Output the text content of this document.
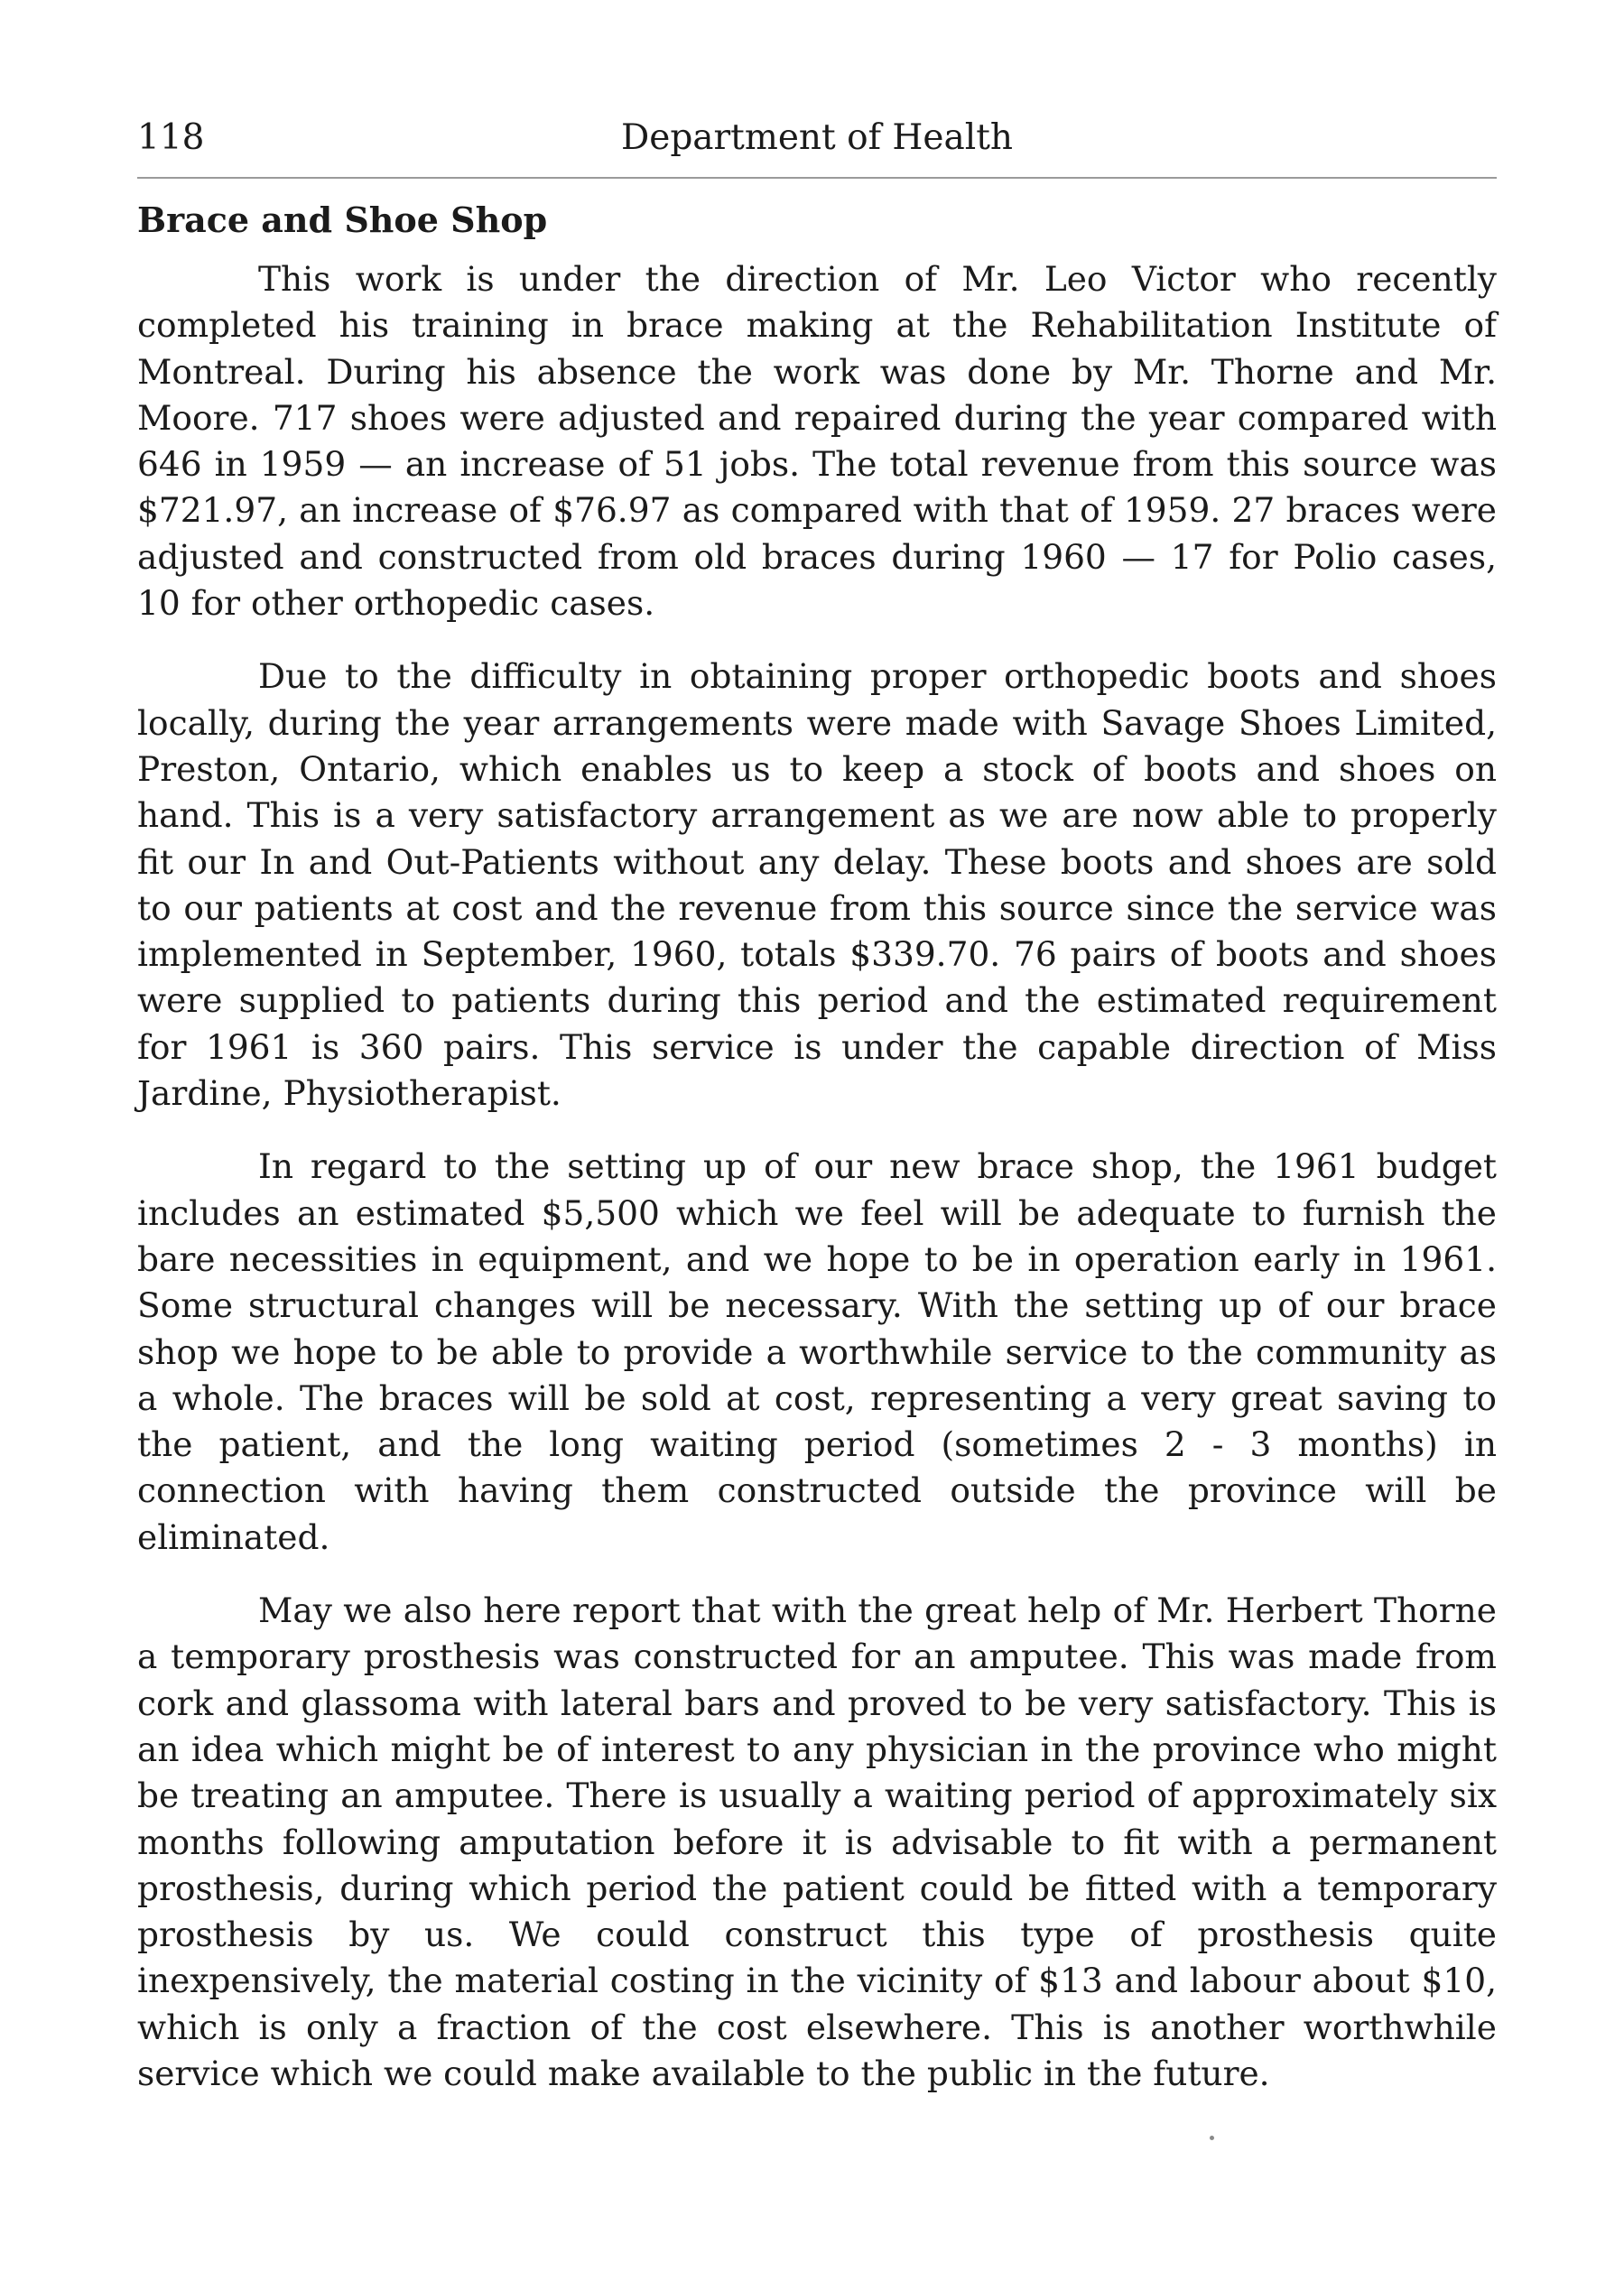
118	Department of Health
Brace and Shoe Shop

This work is under the direction of Mr. Leo Victor who recently completed his training in brace making at the Rehabilitation Institute of Montreal. During his absence the work was done by Mr. Thorne and Mr. Moore. 717 shoes were adjusted and repaired during the year compared with 646 in 1959 — an increase of 51 jobs. The total revenue from this source was $721.97, an increase of $76.97 as compared with that of 1959. 27 braces were adjusted and constructed from old braces during 1960 — 17 for Polio cases, 10 for other orthopedic cases.

Due to the difficulty in obtaining proper orthopedic boots and shoes locally, during the year arrangements were made with Savage Shoes Limited, Preston, Ontario, which enables us to keep a stock of boots and shoes on hand. This is a very satisfactory arrangement as we are now able to properly fit our In and Out-Patients without any delay. These boots and shoes are sold to our patients at cost and the revenue from this source since the service was implemented in September, 1960, totals $339.70. 76 pairs of boots and shoes were supplied to patients during this period and the estimated requirement for 1961 is 360 pairs. This service is under the capable direction of Miss Jardine, Physiotherapist.

In regard to the setting up of our new brace shop, the 1961 budget includes an estimated $5,500 which we feel will be adequate to furnish the bare necessities in equipment, and we hope to be in operation early in 1961. Some structural changes will be necessary. With the setting up of our brace shop we hope to be able to provide a worthwhile service to the community as a whole. The braces will be sold at cost, representing a very great saving to the patient, and the long waiting period (sometimes 2 - 3 months) in connection with having them constructed outside the province will be eliminated.

May we also here report that with the great help of Mr. Herbert Thorne a temporary prosthesis was constructed for an amputee. This was made from cork and glassoma with lateral bars and proved to be very satisfactory. This is an idea which might be of interest to any physician in the province who might be treating an amputee. There is usually a waiting period of approximately six months following amputation before it is advisable to fit with a permanent prosthesis, during which period the patient could be fitted with a temporary prosthesis by us. We could construct this type of prosthesis quite inexpensively, the material costing in the vicinity of $13 and labour about $10, which is only a fraction of the cost elsewhere. This is another worthwhile service which we could make available to the public in the future.
